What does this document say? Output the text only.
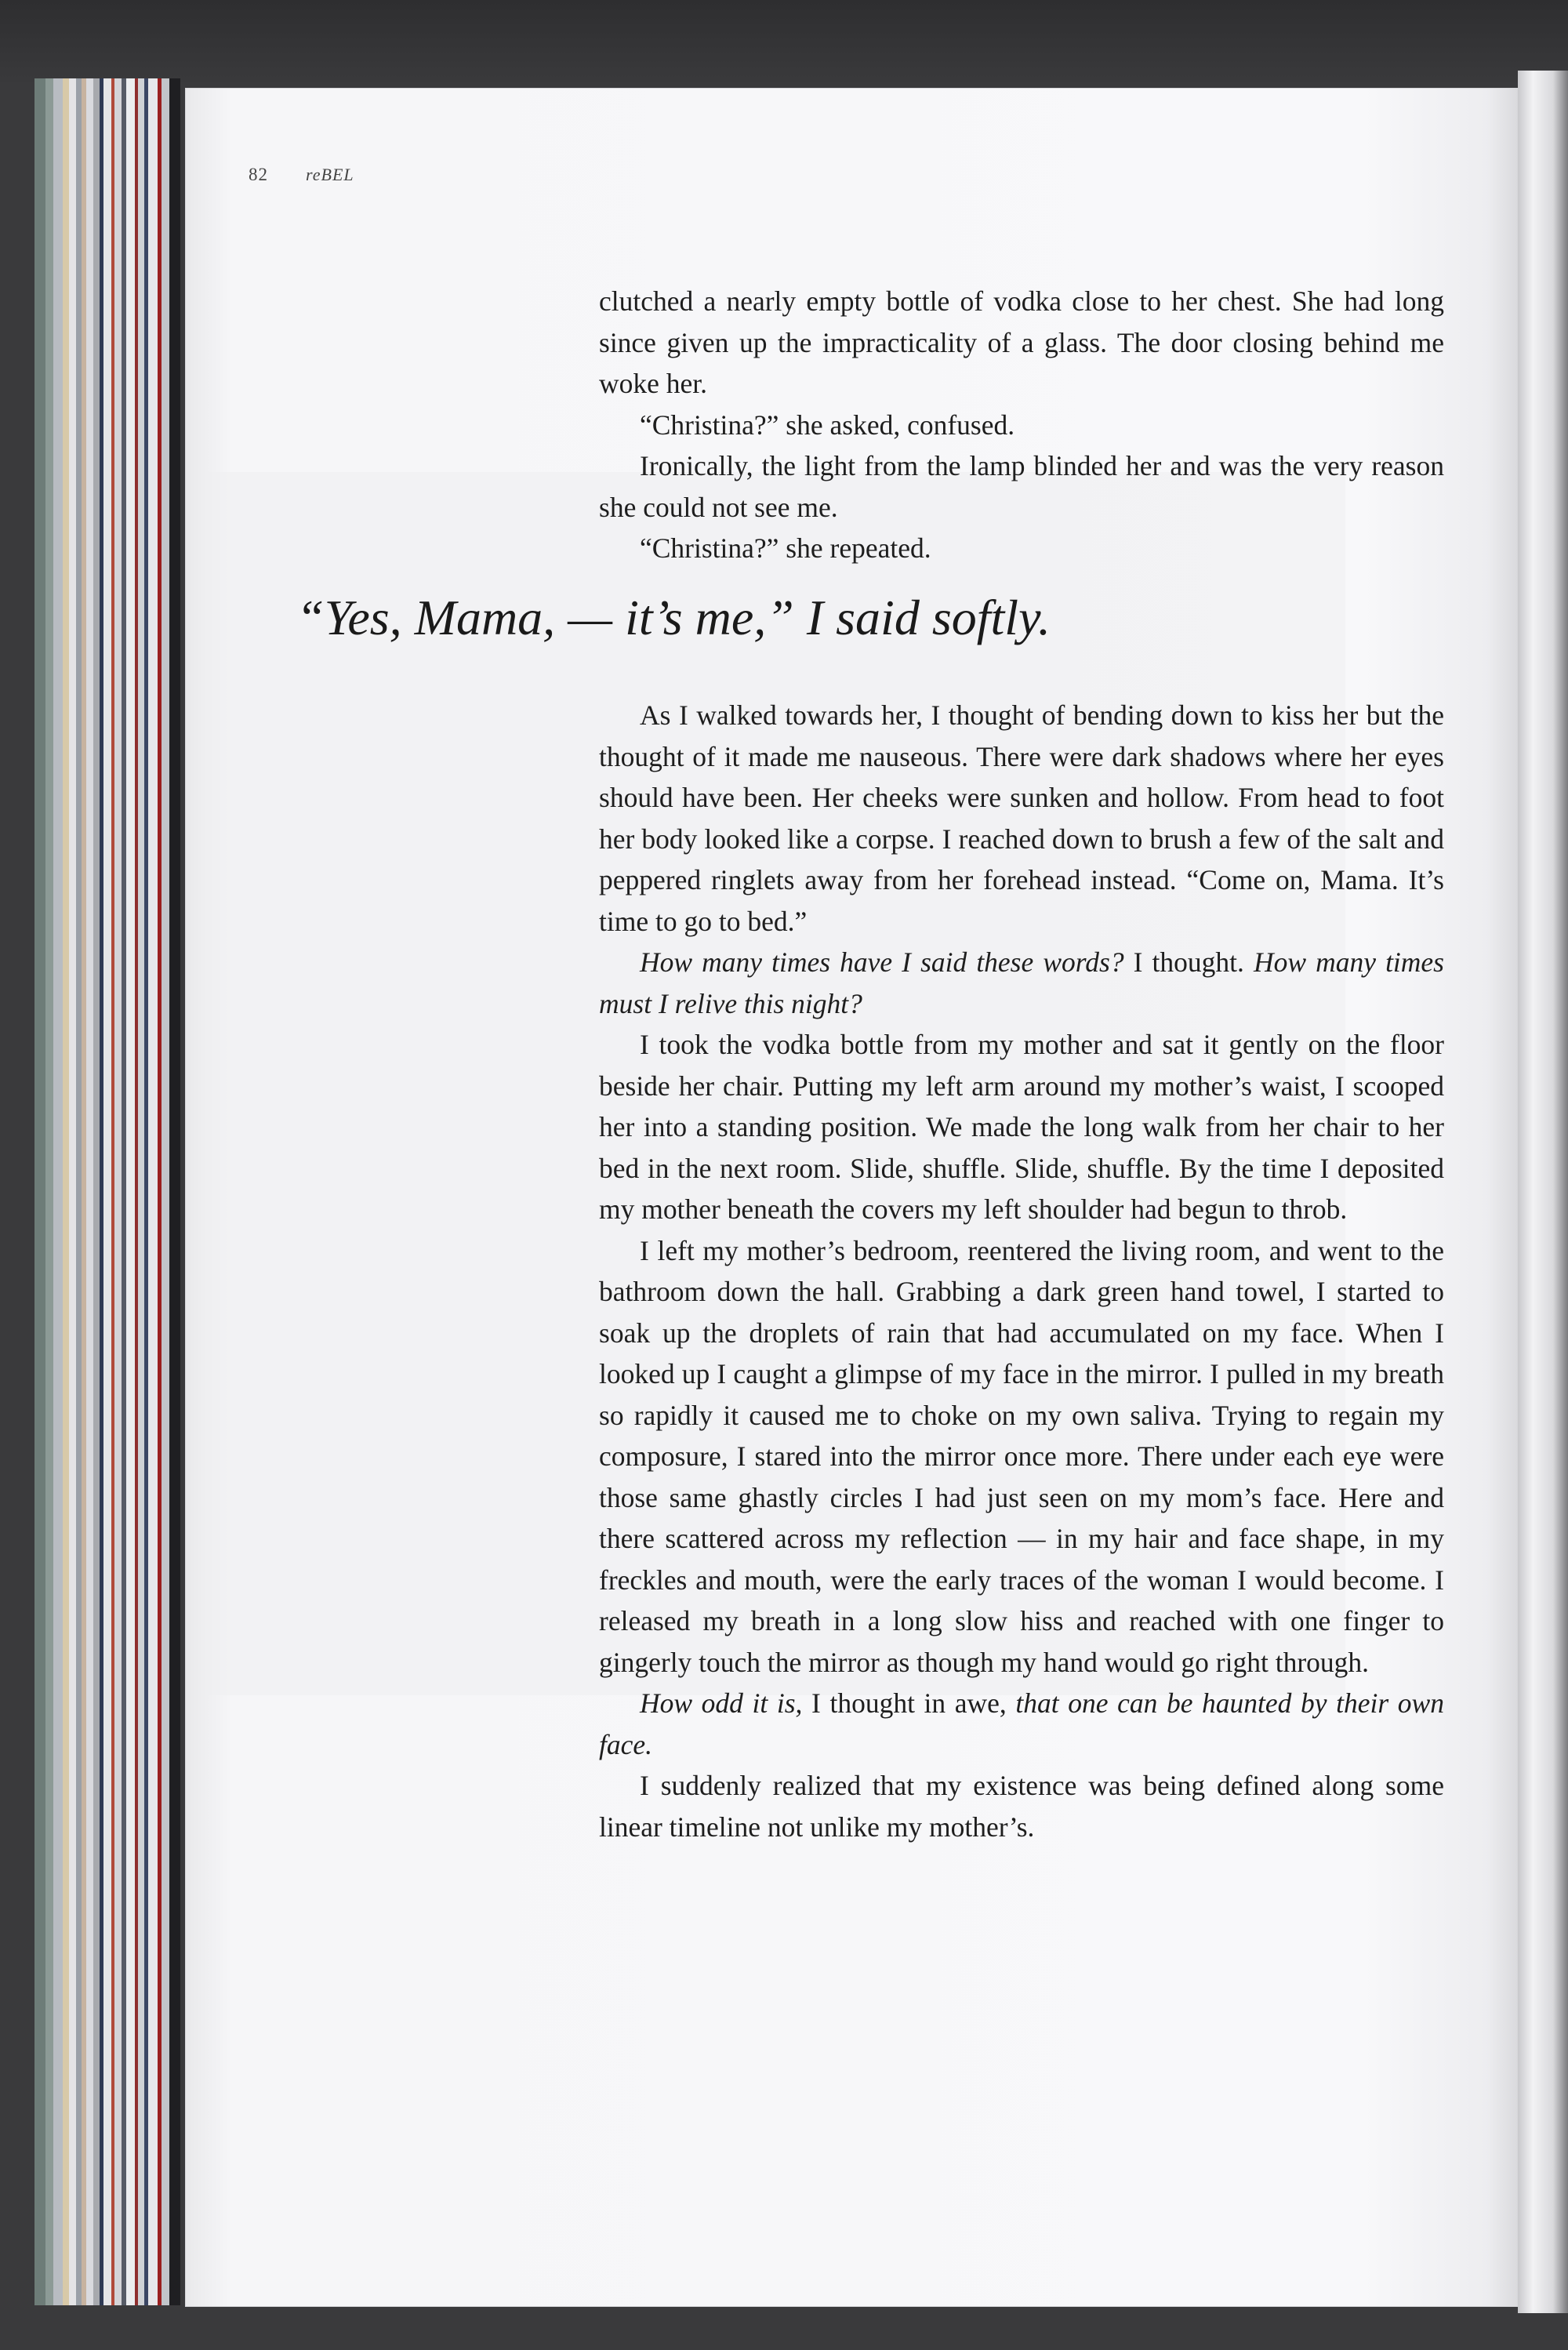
82 reBEL

clutched a nearly empty bottle of vodka close to her chest. She had long since given up the impracticality of a glass. The door closing behind me woke her.

“Christina?” she asked, confused.

Ironically, the light from the lamp blinded her and was the very reason she could not see me.

“Christina?” she repeated.

“Yes, Mama, — it’s me,” I said softly.

As I walked towards her, I thought of bending down to kiss her but the thought of it made me nauseous. There were dark shadows where her eyes should have been. Her cheeks were sunken and hollow. From head to foot her body looked like a corpse. I reached down to brush a few of the salt and peppered ringlets away from her forehead instead. “Come on, Mama. It’s time to go to bed.”

How many times have I said these words? I thought. How many times must I relive this night?

I took the vodka bottle from my mother and sat it gently on the floor beside her chair. Putting my left arm around my mother’s waist, I scooped her into a standing position. We made the long walk from her chair to her bed in the next room. Slide, shuffle. Slide, shuffle. By the time I deposited my mother beneath the covers my left shoulder had begun to throb.

I left my mother’s bedroom, reentered the living room, and went to the bathroom down the hall. Grabbing a dark green hand towel, I started to soak up the droplets of rain that had accumulated on my face. When I looked up I caught a glimpse of my face in the mirror. I pulled in my breath so rapidly it caused me to choke on my own saliva. Trying to regain my composure, I stared into the mirror once more. There under each eye were those same ghastly circles I had just seen on my mom’s face. Here and there scattered across my reflection — in my hair and face shape, in my freckles and mouth, were the early traces of the woman I would become. I released my breath in a long slow hiss and reached with one finger to gingerly touch the mirror as though my hand would go right through.

How odd it is, I thought in awe, that one can be haunted by their own face.

I suddenly realized that my existence was being defined along some linear timeline not unlike my mother’s.
